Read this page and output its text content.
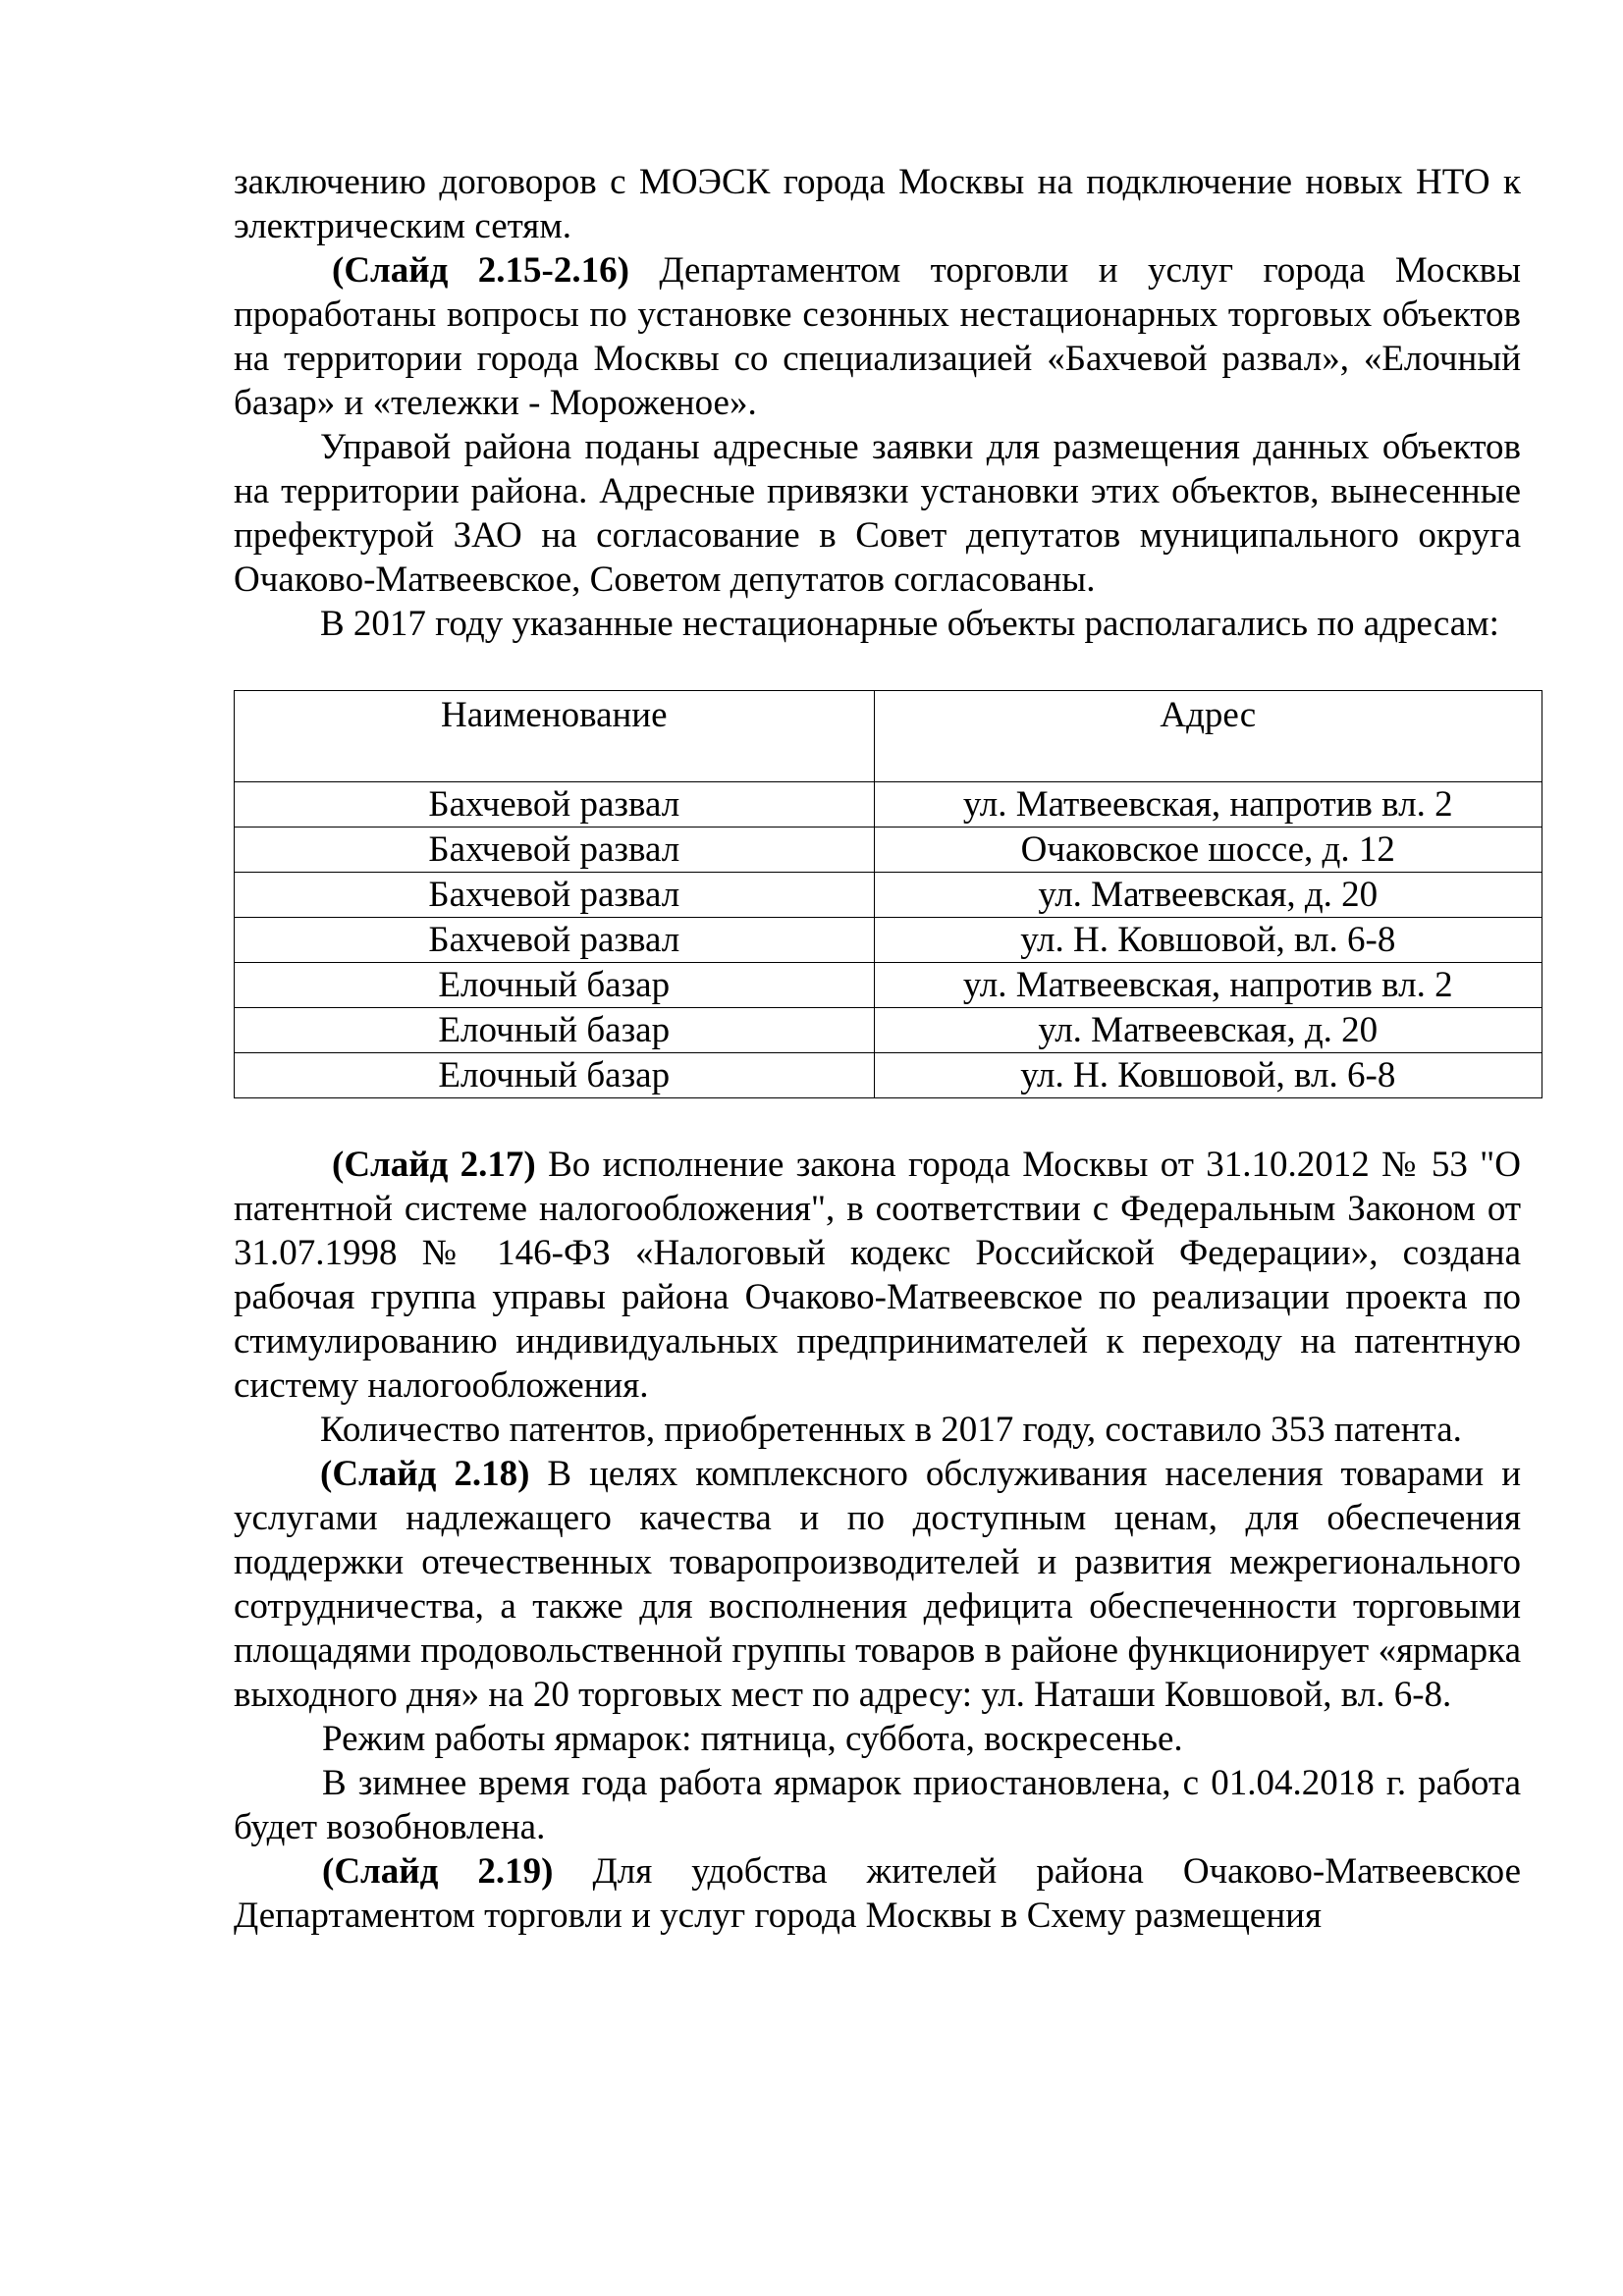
заключению договоров с МОЭСК города Москвы на подключение новых НТО к электрическим сетям.

(Слайд 2.15-2.16) Департаментом торговли и услуг города Москвы проработаны вопросы по установке сезонных нестационарных торговых объектов на территории города Москвы со специализацией «Бахчевой развал», «Елочный базар» и «тележки - Мороженое».

Управой района поданы адресные заявки для размещения данных объектов на территории района. Адресные привязки установки этих объектов, вынесенные префектурой ЗАО на согласование в Совет депутатов муниципального округа Очаково-Матвеевское, Советом депутатов согласованы.

В 2017 году указанные нестационарные объекты располагались по адресам:

Наименование	Адрес
Бахчевой развал	ул. Матвеевская, напротив вл. 2
Бахчевой развал	Очаковское шоссе, д. 12
Бахчевой развал	ул. Матвеевская, д. 20
Бахчевой развал	ул. Н. Ковшовой, вл. 6-8
Елочный базар	ул. Матвеевская, напротив вл. 2
Елочный базар	ул. Матвеевская, д. 20
Елочный базар	ул. Н. Ковшовой, вл. 6-8

(Слайд 2.17) Во исполнение закона города Москвы от 31.10.2012 № 53 "О патентной системе налогообложения", в соответствии с Федеральным Законом от 31.07.1998 № 146-ФЗ «Налоговый кодекс Российской Федерации», создана рабочая группа управы района Очаково-Матвеевское по реализации проекта по стимулированию индивидуальных предпринимателей к переходу на патентную систему налогообложения.

Количество патентов, приобретенных в 2017 году, составило 353 патента.

(Слайд 2.18) В целях комплексного обслуживания населения товарами и услугами надлежащего качества и по доступным ценам, для обеспечения поддержки отечественных товаропроизводителей и развития межрегионального сотрудничества, а также для восполнения дефицита обеспеченности торговыми площадями продовольственной группы товаров в районе функционирует «ярмарка выходного дня» на 20 торговых мест по адресу: ул. Наташи Ковшовой, вл. 6-8.

Режим работы ярмарок: пятница, суббота, воскресенье.

В зимнее время года работа ярмарок приостановлена, с 01.04.2018 г. работа будет возобновлена.

(Слайд 2.19) Для удобства жителей района Очаково-Матвеевское Департаментом торговли и услуг города Москвы в Схему размещения
